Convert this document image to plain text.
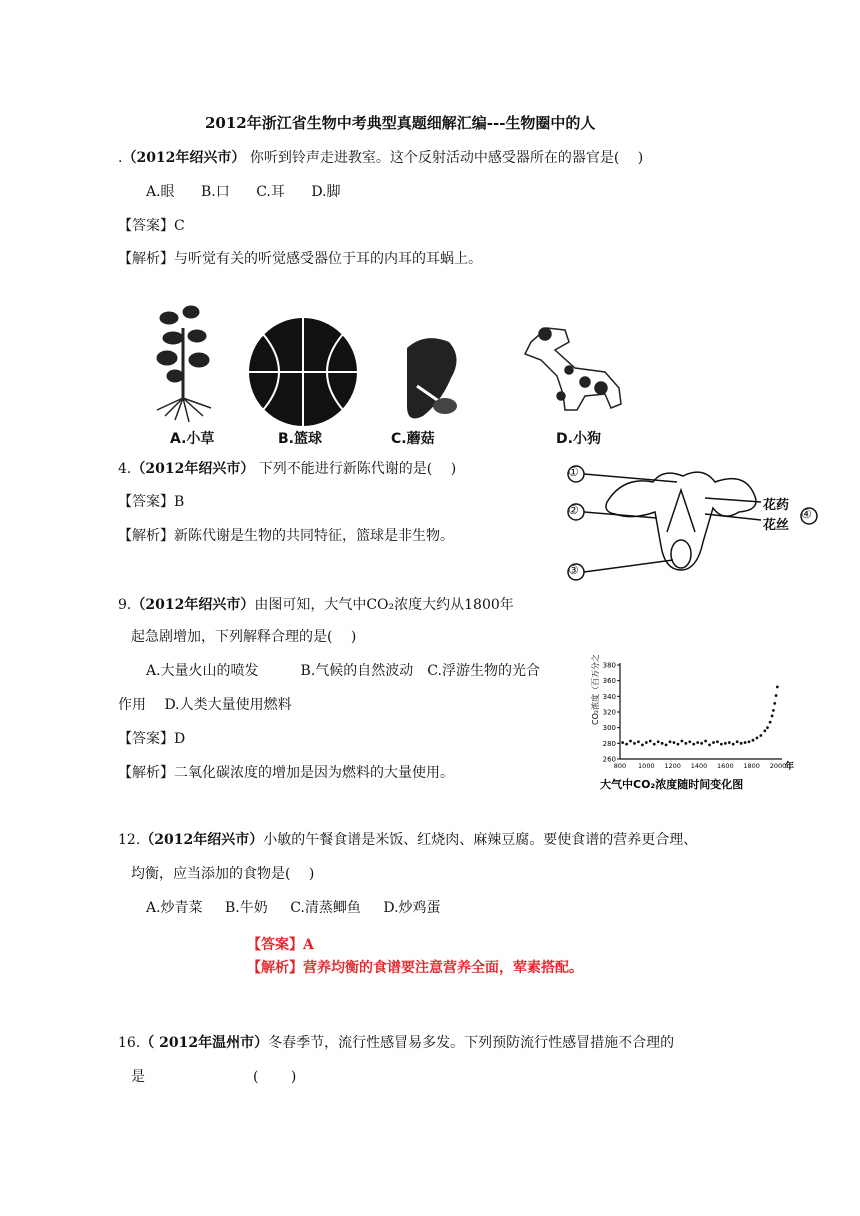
2012年浙江省生物中考典型真题细解汇编---生物圈中的人
.（2012年绍兴市） 你听到铃声走进教室。这个反射活动中感受器所在的器官是(　 )
A.眼 B.口 C.耳 D.脚
【答案】C
【解析】与听觉有关的听觉感受器位于耳的内耳的耳蜗上。
A.小草	B.篮球	C.蘑菇	D.小狗
4.（2012年绍兴市） 下列不能进行新陈代谢的是(　 )
【答案】B
【解析】新陈代谢是生物的共同特征，篮球是非生物。
①
②
③
④
花药
花丝
9.（2012年绍兴市）由图可知，大气中CO₂浓度大约从1800年
起急剧增加，下列解释合理的是(　 )
A.大量火山的喷发　　　B.气候的自然波动　C.浮游生物的光合
作用　 D.人类大量使用燃料
【答案】D
【解析】二氧化碳浓度的增加是因为燃料的大量使用。
260
280
300
320
340
360
380
800 1000 1200 1400 1600 1800 2000
CO₂浓度（百万分之一）
年
大气中CO₂浓度随时间变化图
12.（2012年绍兴市）小敏的午餐食谱是米饭、红烧肉、麻辣豆腐。要使食谱的营养更合理、
均衡，应当添加的食物是(　 )
A.炒青菜 B.牛奶 C.清蒸鲫鱼 D.炒鸡蛋
【答案】A
【解析】营养均衡的食谱要注意营养全面，荤素搭配。
16.（ 2012年温州市）冬春季节，流行性感冒易多发。下列预防流行性感冒措施不合理的
是	(　　 )
